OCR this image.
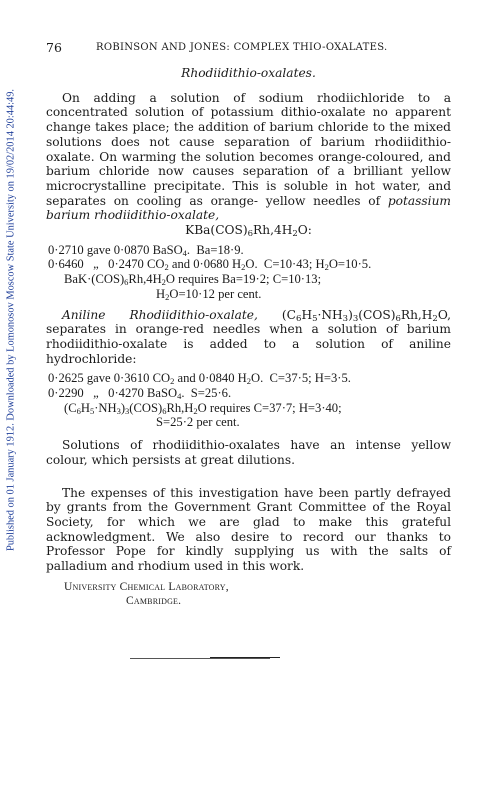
Published on 01 January 1912. Downloaded by Lomonosov Moscow State University on 19/02/2014 20:44:49.
76	ROBINSON AND JONES: COMPLEX THIO-OXALATES.

Rhodiidithio-oxalates.

On adding a solution of sodium rhodiichloride to a concentrated solution of potassium dithio-oxalate no apparent change takes place; the addition of barium chloride to the mixed solutions does not cause separation of barium rhodiidithio-oxalate. On warming the solution becomes orange-coloured, and barium chloride now causes separation of a brilliant yellow microcrystalline precipitate. This is soluble in hot water, and separates on cooling as orange- yellow needles of potassium barium rhodiidithio-oxalate,

$KBa(COS)_6Rh,4H_2O$:

0·2710 gave 0·0870 BaSO$_4$.  Ba=18·9.
0·6460   „   0·2470 $CO_2$ and 0·0680 $H_2O$.  C=10·43; $H_2O=10\cdot 5$.
$BaK\cdot(COS)_6Rh,4H_2O$ requires Ba=19·2; C=10·13;
$H_2O=10\cdot 12$ per cent.

Aniline Rhodiidithio-oxalate, $(C_6H_5\cdot NH_3)_3(COS)_6Rh,H_2O$, separates in orange-red needles when a solution of barium rhodiidithio-oxalate is added to a solution of aniline hydrochloride:

0·2625 gave 0·3610 $CO_2$ and 0·0840 $H_2O$.  C=37·5; H=3·5.
0·2290   „   0·4270 BaSO$_4$.  S=25·6.
$(C_6H_5\cdot NH_3)_3(COS)_6Rh,H_2O$ requires C=37·7; H=3·40;
S=25·2 per cent.

Solutions of rhodiidithio-oxalates have an intense yellow colour, which persists at great dilutions.

The expenses of this investigation have been partly defrayed by grants from the Government Grant Committee of the Royal Society, for which we are glad to make this grateful acknowledgment. We also desire to record our thanks to Professor Pope for kindly supplying us with the salts of palladium and rhodium used in this work.

University Chemical Laboratory,
Cambridge.
